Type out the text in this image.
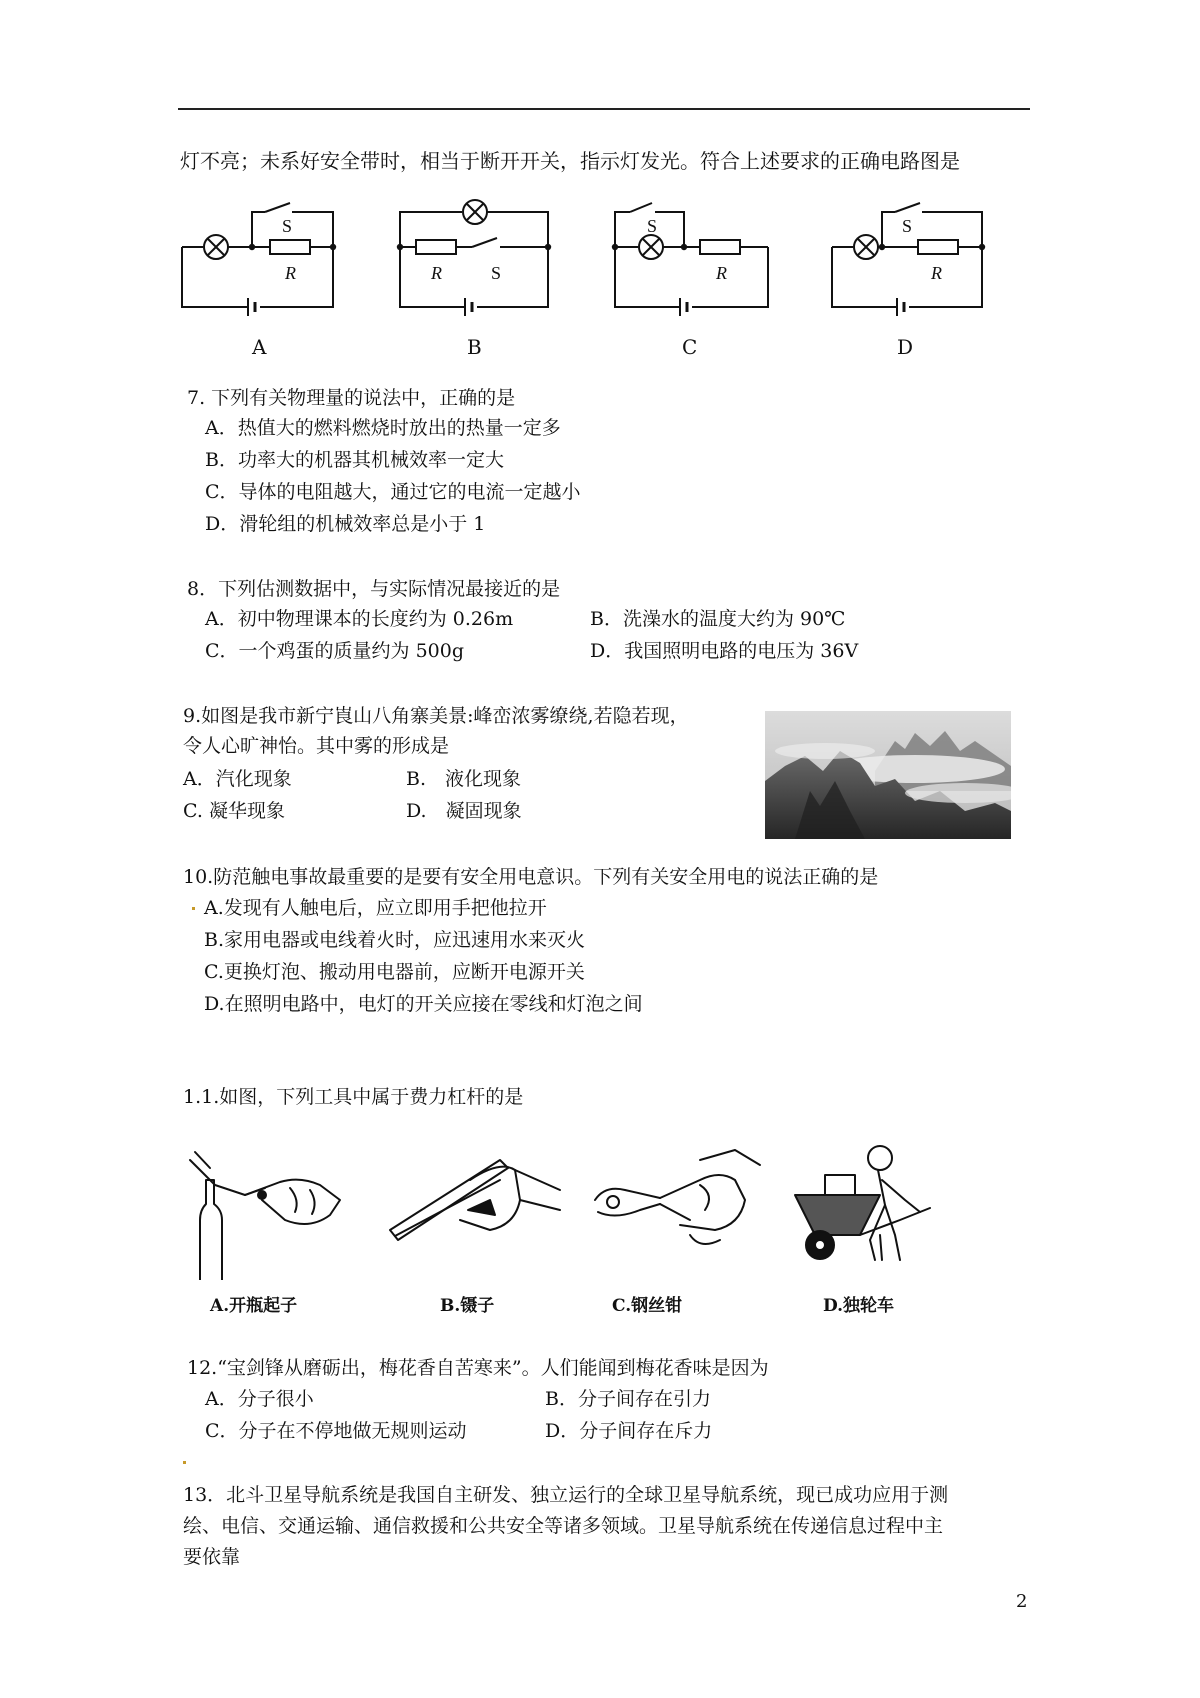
灯不亮；未系好安全带时，相当于断开开关，指示灯发光。符合上述要求的正确电路图是
S
R	R	S
S
R
S
R
A	B	C	D
7. 下列有关物理量的说法中，正确的是
A．热值大的燃料燃烧时放出的热量一定多
B．功率大的机器其机械效率一定大
C．导体的电阻越大，通过它的电流一定越小
D．滑轮组的机械效率总是小于 1
8．下列估测数据中，与实际情况最接近的是
A．初中物理课本的长度约为 0.26m	B．洗澡水的温度大约为 90℃
C．一个鸡蛋的质量约为 500g	D．我国照明电路的电压为 36V
9.如图是我市新宁崀山八角寨美景:峰峦浓雾缭绕,若隐若现，
令人心旷神怡。其中雾的形成是
A．汽化现象	B.　液化现象
C. 凝华现象	D.　凝固现象
10.防范触电事故最重要的是要有安全用电意识。下列有关安全用电的说法正确的是
A.发现有人触电后，应立即用手把他拉开
B.家用电器或电线着火时，应迅速用水来灭火
C.更换灯泡、搬动用电器前，应断开电源开关
D.在照明电路中，电灯的开关应接在零线和灯泡之间
1.1.如图，下列工具中属于费力杠杆的是
A.开瓶起子	B.镊子	C.钢丝钳	D.独轮车
12.“宝剑锋从磨砺出，梅花香自苦寒来”。人们能闻到梅花香味是因为
A．分子很小	B．分子间存在引力
C．分子在不停地做无规则运动	D．分子间存在斥力
13．北斗卫星导航系统是我国自主研发、独立运行的全球卫星导航系统，现已成功应用于测
绘、电信、交通运输、通信救援和公共安全等诸多领域。卫星导航系统在传递信息过程中主
要依靠
2
